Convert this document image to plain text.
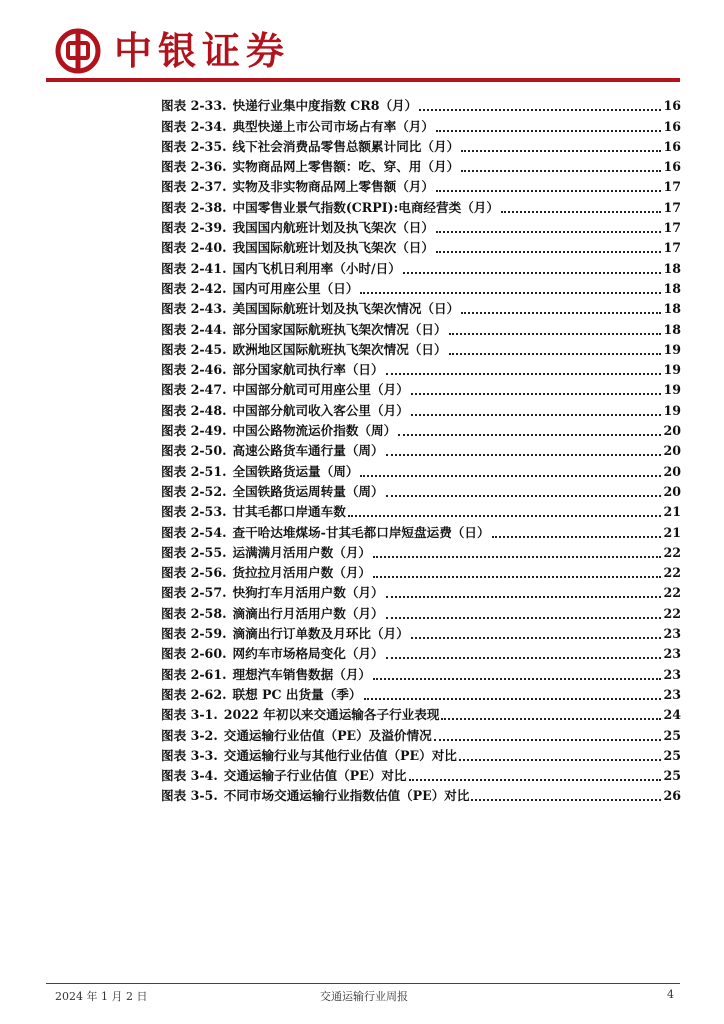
中银证券
图表 2-33. 快递行业集中度指数 CR8（月）	16
图表 2-34. 典型快递上市公司市场占有率（月）	16
图表 2-35. 线下社会消费品零售总额累计同比（月）	16
图表 2-36. 实物商品网上零售额：吃、穿、用（月）	16
图表 2-37. 实物及非实物商品网上零售额（月）	17
图表 2-38. 中国零售业景气指数(CRPI):电商经营类（月）	17
图表 2-39. 我国国内航班计划及执飞架次（日）	17
图表 2-40. 我国国际航班计划及执飞架次（日）	17
图表 2-41. 国内飞机日利用率（小时/日）	18
图表 2-42. 国内可用座公里（日）	18
图表 2-43. 美国国际航班计划及执飞架次情况（日）	18
图表 2-44. 部分国家国际航班执飞架次情况（日）	18
图表 2-45. 欧洲地区国际航班执飞架次情况（日）	19
图表 2-46. 部分国家航司执行率（日）	19
图表 2-47. 中国部分航司可用座公里（月）	19
图表 2-48. 中国部分航司收入客公里（月）	19
图表 2-49. 中国公路物流运价指数（周）	20
图表 2-50. 高速公路货车通行量（周）	20
图表 2-51. 全国铁路货运量（周）	20
图表 2-52. 全国铁路货运周转量（周）	20
图表 2-53. 甘其毛都口岸通车数	21
图表 2-54. 查干哈达堆煤场-甘其毛都口岸短盘运费（日）	21
图表 2-55. 运满满月活用户数（月）	22
图表 2-56. 货拉拉月活用户数（月）	22
图表 2-57. 快狗打车月活用户数（月）	22
图表 2-58. 滴滴出行月活用户数（月）	22
图表 2-59. 滴滴出行订单数及月环比（月）	23
图表 2-60. 网约车市场格局变化（月）	23
图表 2-61. 理想汽车销售数据（月）	23
图表 2-62. 联想 PC 出货量（季）	23
图表 3-1. 2022 年初以来交通运输各子行业表现	24
图表 3-2. 交通运输行业估值（PE）及溢价情况	25
图表 3-3. 交通运输行业与其他行业估值（PE）对比	25
图表 3-4. 交通运输子行业估值（PE）对比	25
图表 3-5. 不同市场交通运输行业指数估值（PE）对比	26
2024 年 1 月 2 日	交通运输行业周报	4
